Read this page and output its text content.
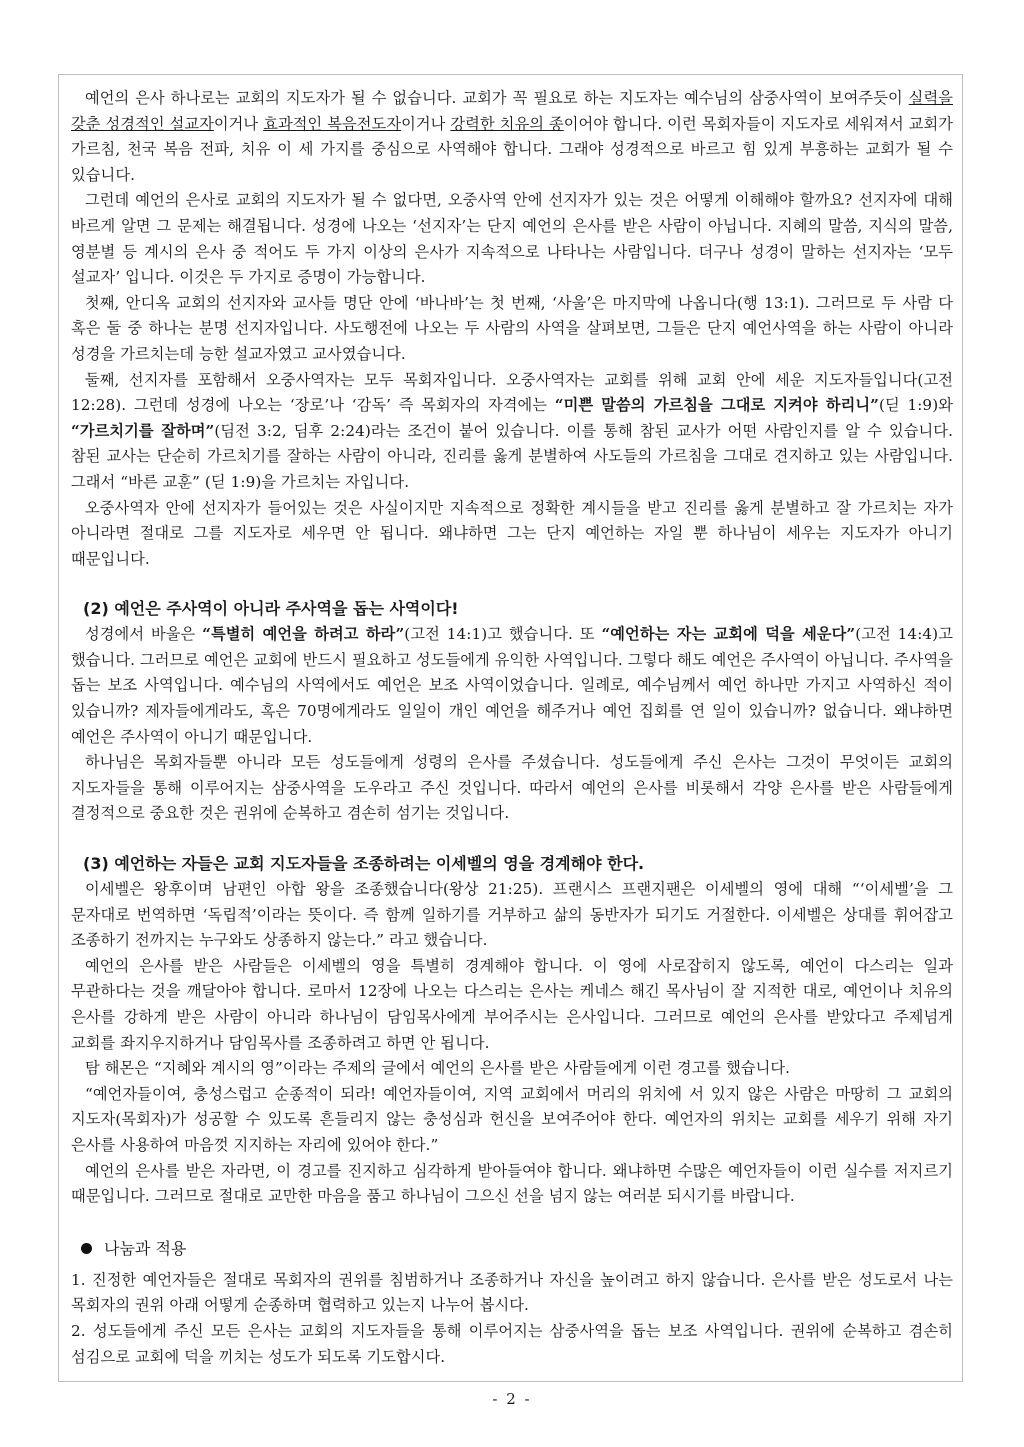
예언의 은사 하나로는 교회의 지도자가 될 수 없습니다. 교회가 꼭 필요로 하는 지도자는 예수님의 삼중사역이 보여주듯이 실력을 갖춘 성경적인 설교자이거나 효과적인 복음전도자이거나 강력한 치유의 종이어야 합니다. 이런 목회자들이 지도자로 세워져서 교회가 가르침, 천국 복음 전파, 치유 이 세 가지를 중심으로 사역해야 합니다. 그래야 성경적으로 바르고 힘 있게 부흥하는 교회가 될 수 있습니다.

그런데 예언의 은사로 교회의 지도자가 될 수 없다면, 오중사역 안에 선지자가 있는 것은 어떻게 이해해야 할까요? 선지자에 대해 바르게 알면 그 문제는 해결됩니다. 성경에 나오는 ‘선지자’는 단지 예언의 은사를 받은 사람이 아닙니다. 지혜의 말씀, 지식의 말씀, 영분별 등 계시의 은사 중 적어도 두 가지 이상의 은사가 지속적으로 나타나는 사람입니다. 더구나 성경이 말하는 선지자는 ‘모두 설교자’ 입니다. 이것은 두 가지로 증명이 가능합니다.

첫째, 안디옥 교회의 선지자와 교사들 명단 안에 ‘바나바’는 첫 번째, ‘사울’은 마지막에 나옵니다(행 13:1). 그러므로 두 사람 다 혹은 둘 중 하나는 분명 선지자입니다. 사도행전에 나오는 두 사람의 사역을 살펴보면, 그들은 단지 예언사역을 하는 사람이 아니라 성경을 가르치는데 능한 설교자였고 교사였습니다.

둘째, 선지자를 포함해서 오중사역자는 모두 목회자입니다. 오중사역자는 교회를 위해 교회 안에 세운 지도자들입니다(고전 12:28). 그런데 성경에 나오는 ‘장로’나 ‘감독’ 즉 목회자의 자격에는 “미쁜 말씀의 가르침을 그대로 지켜야 하리니”(딛 1:9)와 “가르치기를 잘하며”(딤전 3:2, 딤후 2:24)라는 조건이 붙어 있습니다. 이를 통해 참된 교사가 어떤 사람인지를 알 수 있습니다. 참된 교사는 단순히 가르치기를 잘하는 사람이 아니라, 진리를 옳게 분별하여 사도들의 가르침을 그대로 견지하고 있는 사람입니다. 그래서 “바른 교훈” (딛 1:9)을 가르치는 자입니다.

오중사역자 안에 선지자가 들어있는 것은 사실이지만 지속적으로 정확한 계시들을 받고 진리를 옳게 분별하고 잘 가르치는 자가 아니라면 절대로 그를 지도자로 세우면 안 됩니다. 왜냐하면 그는 단지 예언하는 자일 뿐 하나님이 세우는 지도자가 아니기 때문입니다.

(2) 예언은 주사역이 아니라 주사역을 돕는 사역이다!

성경에서 바울은 “특별히 예언을 하려고 하라”(고전 14:1)고 했습니다. 또 “예언하는 자는 교회에 덕을 세운다”(고전 14:4)고 했습니다. 그러므로 예언은 교회에 반드시 필요하고 성도들에게 유익한 사역입니다. 그렇다 해도 예언은 주사역이 아닙니다. 주사역을 돕는 보조 사역입니다. 예수님의 사역에서도 예언은 보조 사역이었습니다. 일례로, 예수님께서 예언 하나만 가지고 사역하신 적이 있습니까? 제자들에게라도, 혹은 70명에게라도 일일이 개인 예언을 해주거나 예언 집회를 연 일이 있습니까? 없습니다. 왜냐하면 예언은 주사역이 아니기 때문입니다.

하나님은 목회자들뿐 아니라 모든 성도들에게 성령의 은사를 주셨습니다. 성도들에게 주신 은사는 그것이 무엇이든 교회의 지도자들을 통해 이루어지는 삼중사역을 도우라고 주신 것입니다. 따라서 예언의 은사를 비롯해서 각양 은사를 받은 사람들에게 결정적으로 중요한 것은 권위에 순복하고 겸손히 섬기는 것입니다.

(3) 예언하는 자들은 교회 지도자들을 조종하려는 이세벨의 영을 경계해야 한다.

이세벨은 왕후이며 남편인 아합 왕을 조종했습니다(왕상 21:25). 프랜시스 프랜지팬은 이세벨의 영에 대해 “‘이세벨’을 그 문자대로 번역하면 ‘독립적’이라는 뜻이다. 즉 함께 일하기를 거부하고 삶의 동반자가 되기도 거절한다. 이세벨은 상대를 휘어잡고 조종하기 전까지는 누구와도 상종하지 않는다.” 라고 했습니다.

예언의 은사를 받은 사람들은 이세벨의 영을 특별히 경계해야 합니다. 이 영에 사로잡히지 않도록, 예언이 다스리는 일과 무관하다는 것을 깨달아야 합니다. 로마서 12장에 나오는 다스리는 은사는 케네스 해긴 목사님이 잘 지적한 대로, 예언이나 치유의 은사를 강하게 받은 사람이 아니라 하나님이 담임목사에게 부어주시는 은사입니다. 그러므로 예언의 은사를 받았다고 주제넘게 교회를 좌지우지하거나 담임목사를 조종하려고 하면 안 됩니다.

탐 해몬은 “지혜와 계시의 영”이라는 주제의 글에서 예언의 은사를 받은 사람들에게 이런 경고를 했습니다.

“예언자들이여, 충성스럽고 순종적이 되라! 예언자들이여, 지역 교회에서 머리의 위치에 서 있지 않은 사람은 마땅히 그 교회의 지도자(목회자)가 성공할 수 있도록 흔들리지 않는 충성심과 헌신을 보여주어야 한다. 예언자의 위치는 교회를 세우기 위해 자기 은사를 사용하여 마음껏 지지하는 자리에 있어야 한다.”

예언의 은사를 받은 자라면, 이 경고를 진지하고 심각하게 받아들여야 합니다. 왜냐하면 수많은 예언자들이 이런 실수를 저지르기 때문입니다. 그러므로 절대로 교만한 마음을 품고 하나님이 그으신 선을 넘지 않는 여러분 되시기를 바랍니다.

나눔과 적용

1. 진정한 예언자들은 절대로 목회자의 권위를 침범하거나 조종하거나 자신을 높이려고 하지 않습니다. 은사를 받은 성도로서 나는 목회자의 권위 아래 어떻게 순종하며 협력하고 있는지 나누어 봅시다.

2. 성도들에게 주신 모든 은사는 교회의 지도자들을 통해 이루어지는 삼중사역을 돕는 보조 사역입니다. 권위에 순복하고 겸손히 섬김으로 교회에 덕을 끼치는 성도가 되도록 기도합시다.

- 2 -
